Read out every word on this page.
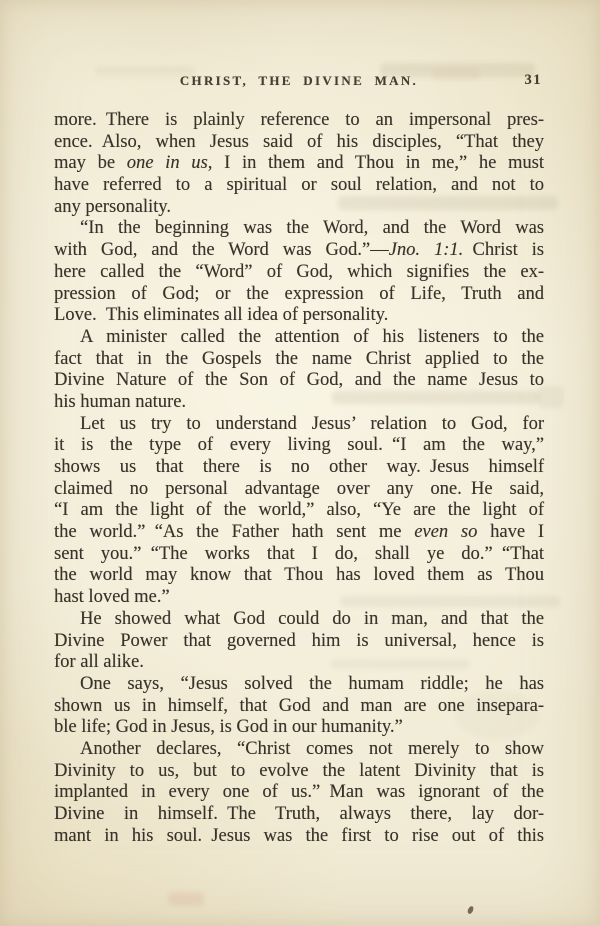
CHRIST, THE DIVINE MAN.	31
more. There is plainly reference to an impersonal pres-
ence. Also, when Jesus said of his disciples, “That they
may be one in us, I in them and Thou in me,” he must
have referred to a spiritual or soul relation, and not to
any personality.
“In the beginning was the Word, and the Word was
with God, and the Word was God.”—Jno. 1:1. Christ is
here called the “Word” of God, which signifies the ex-
pression of God; or the expression of Life, Truth and
Love. This eliminates all idea of personality.
A minister called the attention of his listeners to the
fact that in the Gospels the name Christ applied to the
Divine Nature of the Son of God, and the name Jesus to
his human nature.
Let us try to understand Jesus’ relation to God, for
it is the type of every living soul. “I am the way,”
shows us that there is no other way. Jesus himself
claimed no personal advantage over any one. He said,
“I am the light of the world,” also, “Ye are the light of
the world.” “As the Father hath sent me even so have I
sent you.” “The works that I do, shall ye do.” “That
the world may know that Thou has loved them as Thou
hast loved me.”
He showed what God could do in man, and that the
Divine Power that governed him is universal, hence is
for all alike.
One says, “Jesus solved the humam riddle; he has
shown us in himself, that God and man are one insepara-
ble life; God in Jesus, is God in our humanity.”
Another declares, “Christ comes not merely to show
Divinity to us, but to evolve the latent Divinity that is
implanted in every one of us.” Man was ignorant of the
Divine in himself. The Truth, always there, lay dor-
mant in his soul. Jesus was the first to rise out of this
